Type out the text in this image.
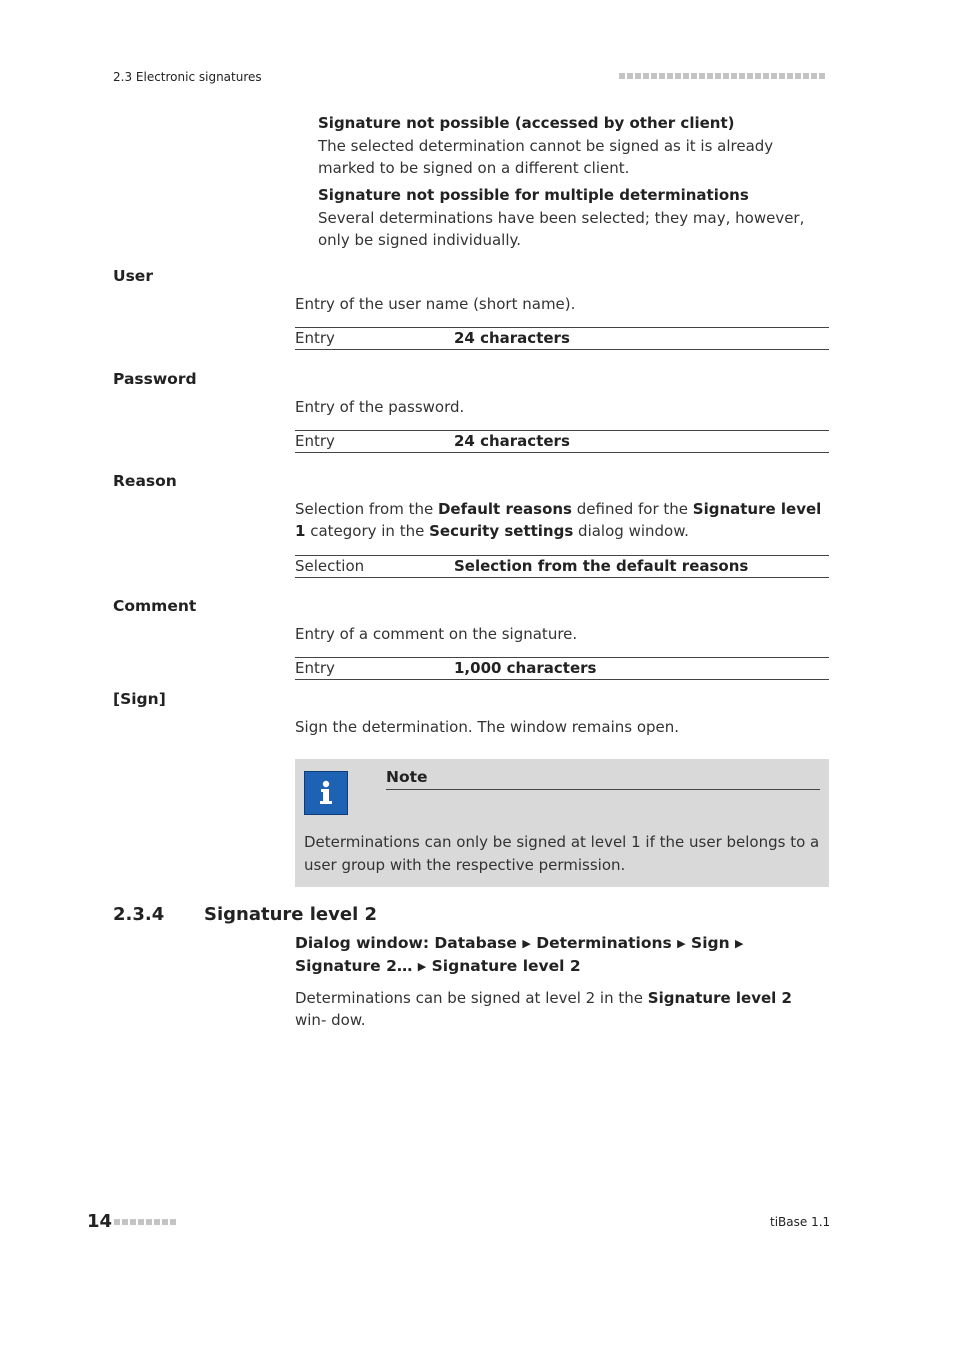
2.3 Electronic signatures
Signature not possible (accessed by other client)
The selected determination cannot be signed as it is already marked to be signed on a different client.
Signature not possible for multiple determinations
Several determinations have been selected; they may, however, only be signed individually.
User
Entry of the user name (short name).
Entry	24 characters
Password
Entry of the password.
Entry	24 characters
Reason
Selection from the Default reasons defined for the Signature level 1 category in the Security settings dialog window.
Selection	Selection from the default reasons
Comment
Entry of a comment on the signature.
Entry	1,000 characters
[Sign]
Sign the determination. The window remains open.
Note
Determinations can only be signed at level 1 if the user belongs to a user group with the respective permission.
2.3.4 Signature level 2
Dialog window: Database ▶ Determinations ▶ Sign ▶ Signature 2… ▶ Signature level 2
Determinations can be signed at level 2 in the Signature level 2 win- dow.
14	tiBase 1.1
